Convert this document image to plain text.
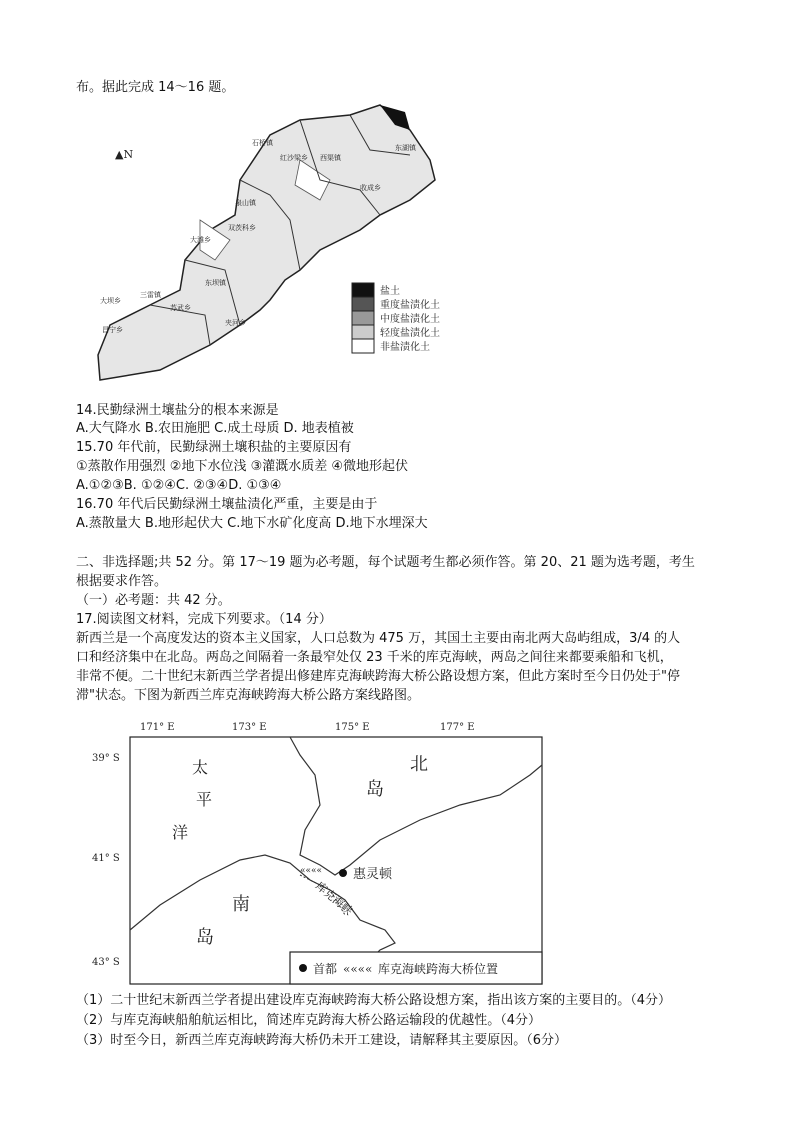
布。据此完成 14～16 题。
▲N
盐土
重度盐渍化土
中度盐渍化土
轻度盐渍化土
非盐渍化土
石桥镇
泉山镇
大滩乡
双茨科乡
东坝镇
三雷镇
大坝乡
苏武乡
昌宁乡
夹河乡
收成乡
东湖镇
西渠镇
红沙梁乡
14.民勤绿洲土壤盐分的根本来源是
A.大气降水 B.农田施肥 C.成土母质 D. 地表植被
15.70 年代前，民勤绿洲土壤积盐的主要原因有
①蒸散作用强烈 ②地下水位浅 ③灌溉水质差 ④微地形起伏
A.①②③B. ①②④C. ②③④D. ①③④
16.70 年代后民勤绿洲土壤盐渍化严重，主要是由于
A.蒸散量大 B.地形起伏大 C.地下水矿化度高 D.地下水埋深大
二、非选择题;共 52 分。第 17～19 题为必考题，每个试题考生都必须作答。第 20、21 题为选考题，考生
根据要求作答。
（一）必考题：共 42 分。
17.阅读图文材料，完成下列要求。（14 分）
新西兰是一个高度发达的资本主义国家，人口总数为 475 万，其国土主要由南北两大岛屿组成，3/4 的人
口和经济集中在北岛。两岛之间隔着一条最窄处仅 23 千米的库克海峡，两岛之间往来都要乘船和飞机，
非常不便。二十世纪末新西兰学者提出修建库克海峡跨海大桥公路设想方案，但此方案时至今日仍处于"停
滞"状态。下图为新西兰库克海峡跨海大桥公路方案线路图。
171° E	173° E	175° E	177° E
39° S
41° S
43° S
太
平
洋
北
岛
南
岛
惠灵顿
««««
库克海峡
首都 «««« 库克海峡跨海大桥位置
（1）二十世纪末新西兰学者提出建设库克海峡跨海大桥公路设想方案，指出该方案的主要目的。（4分）
（2）与库克海峡船舶航运相比，简述库克跨海大桥公路运输段的优越性。（4分）
（3）时至今日，新西兰库克海峡跨海大桥仍未开工建设，请解释其主要原因。（6分）
